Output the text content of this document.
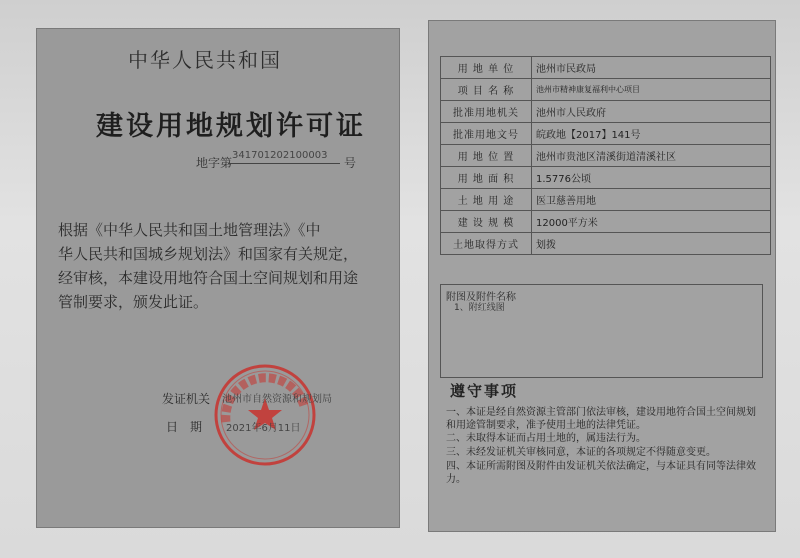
中华人民共和国
建设用地规划许可证
地字第
341701202100003
号
根据《中华人民共和国土地管理法》《中
华人民共和国城乡规划法》和国家有关规定，
经审核，本建设用地符合国土空间规划和用途
管制要求，颁发此证。
发证机关 池州市自然资源和规划局
日期 2021年6月11日
用 地 单 位	池州市民政局
项 目 名 称	池州市精神康复福利中心项目
批准用地机关	池州市人民政府
批准用地文号	皖政地【2017】141号
用 地 位 置	池州市贵池区清溪街道清溪社区
用 地 面 积	1.5776公顷
土 地 用 途	医卫慈善用地
建 设 规 模	12000平方米
土地取得方式	划拨
附图及附件名称
1、附红线图
遵守事项
一、本证是经自然资源主管部门依法审核，建设用地符合国土空间规划和用途管制要求，准予使用土地的法律凭证。
二、未取得本证而占用土地的，属违法行为。
三、未经发证机关审核同意，本证的各项规定不得随意变更。
四、本证所需附图及附件由发证机关依法确定，与本证具有同等法律效力。
